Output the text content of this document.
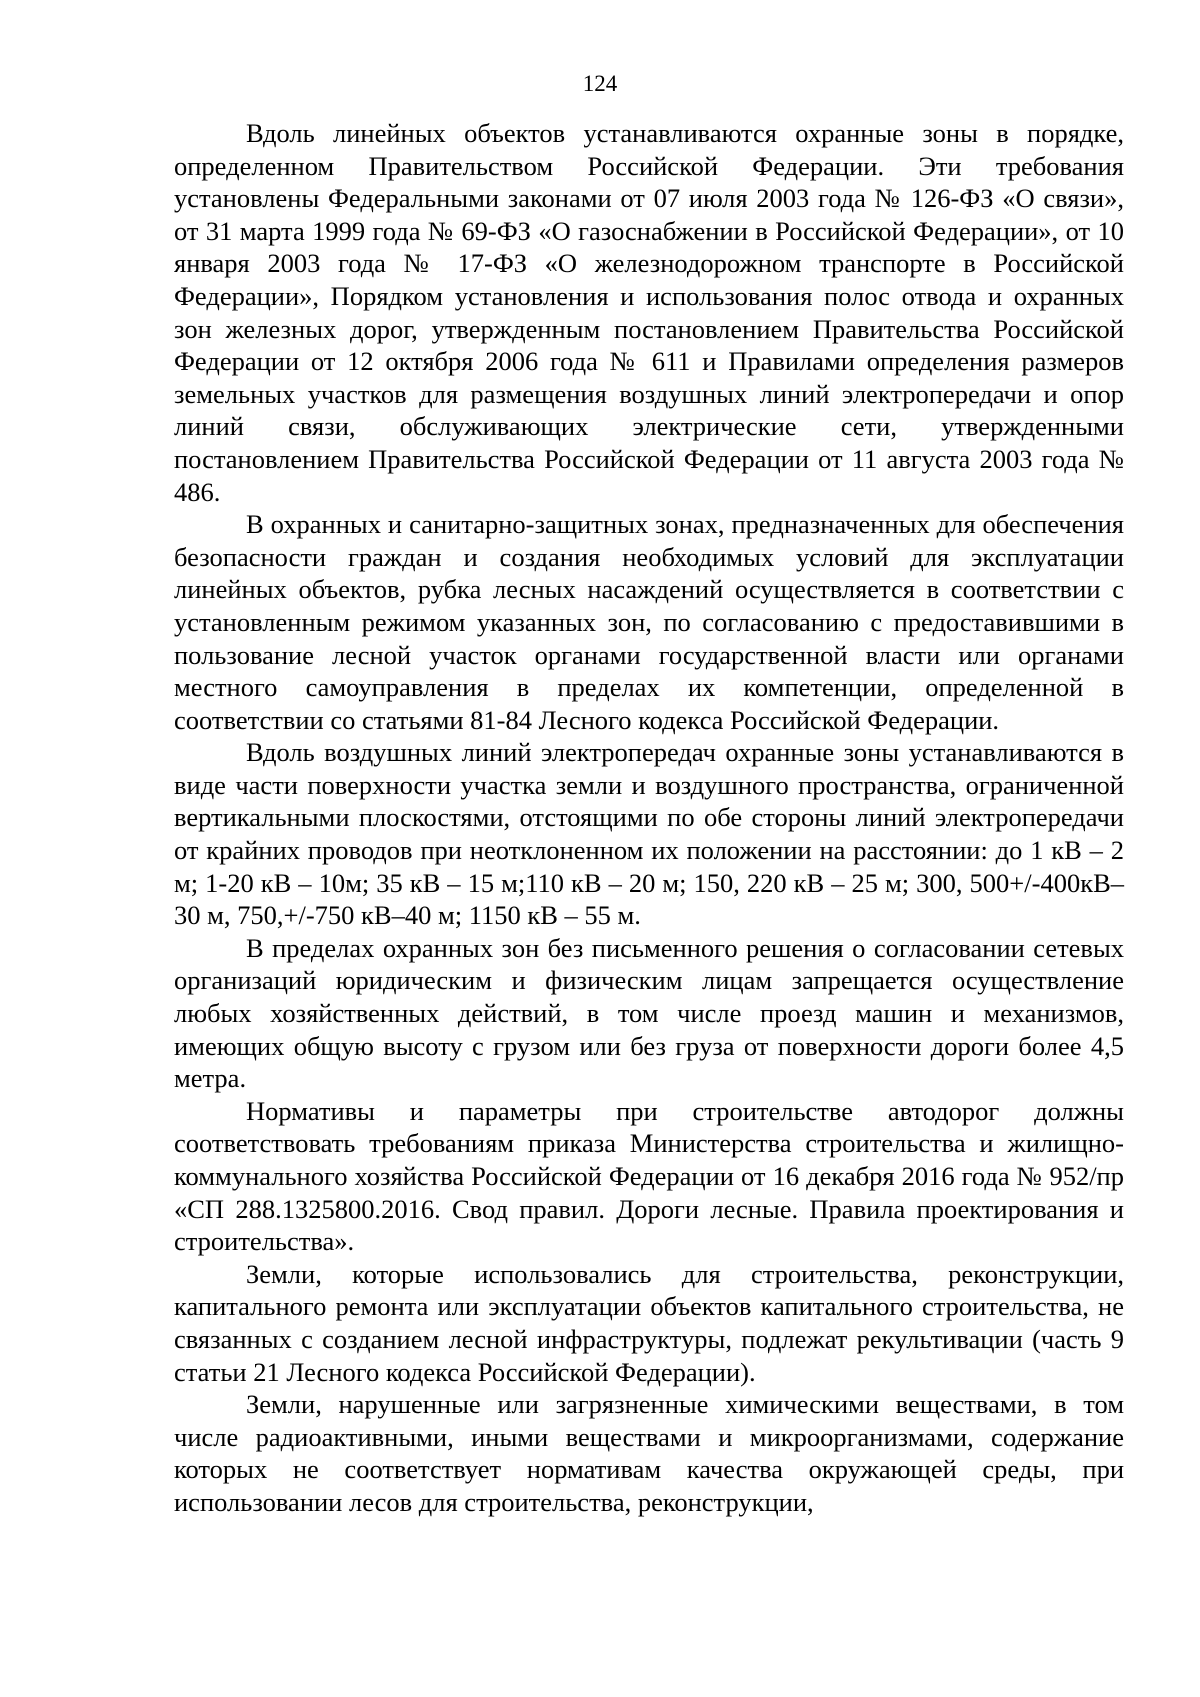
124

Вдоль линейных объектов устанавливаются охранные зоны в порядке, определенном Правительством Российской Федерации. Эти требования установлены Федеральными законами от 07 июля 2003 года № 126-ФЗ «О связи», от 31 марта 1999 года № 69-ФЗ «О газоснабжении в Российской Федерации», от 10 января 2003 года № 17-ФЗ «О железнодорожном транспорте в Российской Федерации», Порядком установления и использования полос отвода и охранных зон железных дорог, утвержденным постановлением Правительства Российской Федерации от 12 октября 2006 года № 611 и Правилами определения размеров земельных участков для размещения воздушных линий электропередачи и опор линий связи, обслуживающих электрические сети, утвержденными постановлением Правительства Российской Федерации от 11 августа 2003 года № 486.

В охранных и санитарно-защитных зонах, предназначенных для обеспечения безопасности граждан и создания необходимых условий для эксплуатации линейных объектов, рубка лесных насаждений осуществляется в соответствии с установленным режимом указанных зон, по согласованию с предоставившими в пользование лесной участок органами государственной власти или органами местного самоуправления в пределах их компетенции, определенной в соответствии со статьями 81-84 Лесного кодекса Российской Федерации.

Вдоль воздушных линий электропередач охранные зоны устанавливаются в виде части поверхности участка земли и воздушного пространства, ограниченной вертикальными плоскостями, отстоящими по обе стороны линий электропередачи от крайних проводов при неотклоненном их положении на расстоянии: до 1 кВ – 2 м; 1-20 кВ – 10м; 35 кВ – 15 м;110 кВ – 20 м; 150, 220 кВ – 25 м; 300, 500+/-400кВ–30 м, 750,+/-750 кВ–40 м; 1150 кВ – 55 м.

В пределах охранных зон без письменного решения о согласовании сетевых организаций юридическим и физическим лицам запрещается осуществление любых хозяйственных действий, в том числе проезд машин и механизмов, имеющих общую высоту с грузом или без груза от поверхности дороги более 4,5 метра.

Нормативы и параметры при строительстве автодорог должны соответствовать требованиям приказа Министерства строительства и жилищно-коммунального хозяйства Российской Федерации от 16 декабря 2016 года № 952/пр «СП 288.1325800.2016. Свод правил. Дороги лесные. Правила проектирования и строительства».

Земли, которые использовались для строительства, реконструкции, капитального ремонта или эксплуатации объектов капитального строительства, не связанных с созданием лесной инфраструктуры, подлежат рекультивации (часть 9 статьи 21 Лесного кодекса Российской Федерации).

Земли, нарушенные или загрязненные химическими веществами, в том числе радиоактивными, иными веществами и микроорганизмами, содержание которых не соответствует нормативам качества окружающей среды, при использовании лесов для строительства, реконструкции,
